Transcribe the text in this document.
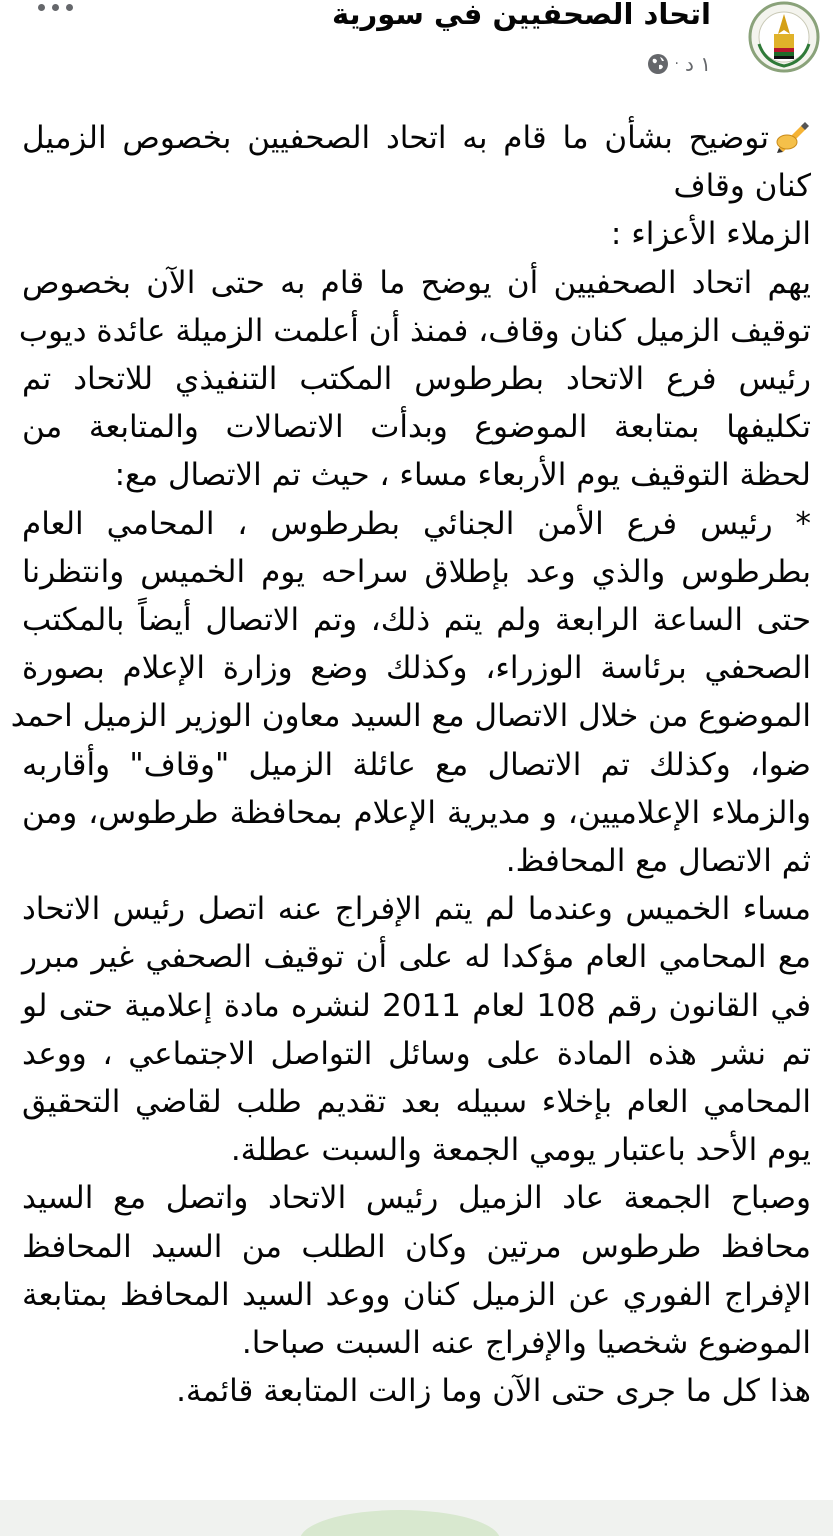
اتحاد الصحفيين في سورية
١ د
·
توضيح بشأن ما قام به اتحاد الصحفيين بخصوص الزميل
كنان وقاف
الزملاء الأعزاء :
يهم اتحاد الصحفيين أن يوضح ما قام به حتى الآن بخصوص
توقيف الزميل كنان وقاف، فمنذ أن أعلمت الزميلة عائدة ديوب
رئيس فرع الاتحاد بطرطوس المكتب التنفيذي للاتحاد تم
تكليفها بمتابعة الموضوع وبدأت الاتصالات والمتابعة من
لحظة التوقيف يوم الأربعاء مساء ، حيث تم الاتصال مع:
* رئيس فرع الأمن الجنائي بطرطوس ، المحامي العام
بطرطوس والذي وعد بإطلاق سراحه يوم الخميس وانتظرنا
حتى الساعة الرابعة ولم يتم ذلك، وتم الاتصال أيضاً بالمكتب
الصحفي برئاسة الوزراء، وكذلك وضع وزارة الإعلام بصورة
الموضوع من خلال الاتصال مع السيد معاون الوزير الزميل احمد
ضوا، وكذلك تم الاتصال مع عائلة الزميل "وقاف" وأقاربه
والزملاء الإعلاميين، و مديرية الإعلام بمحافظة طرطوس، ومن
ثم الاتصال مع المحافظ.
مساء الخميس وعندما لم يتم الإفراج عنه اتصل رئيس الاتحاد
مع المحامي العام مؤكدا له على أن توقيف الصحفي غير مبرر
في القانون رقم 108 لعام 2011 لنشره مادة إعلامية حتى لو
تم نشر هذه المادة على وسائل التواصل الاجتماعي ، ووعد
المحامي العام بإخلاء سبيله بعد تقديم طلب لقاضي التحقيق
يوم الأحد باعتبار يومي الجمعة والسبت عطلة.
وصباح الجمعة عاد الزميل رئيس الاتحاد واتصل مع السيد
محافظ طرطوس مرتين وكان الطلب من السيد المحافظ
الإفراج الفوري عن الزميل كنان ووعد السيد المحافظ بمتابعة
الموضوع شخصيا والإفراج عنه السبت صباحا.
هذا كل ما جرى حتى الآن وما زالت المتابعة قائمة.
